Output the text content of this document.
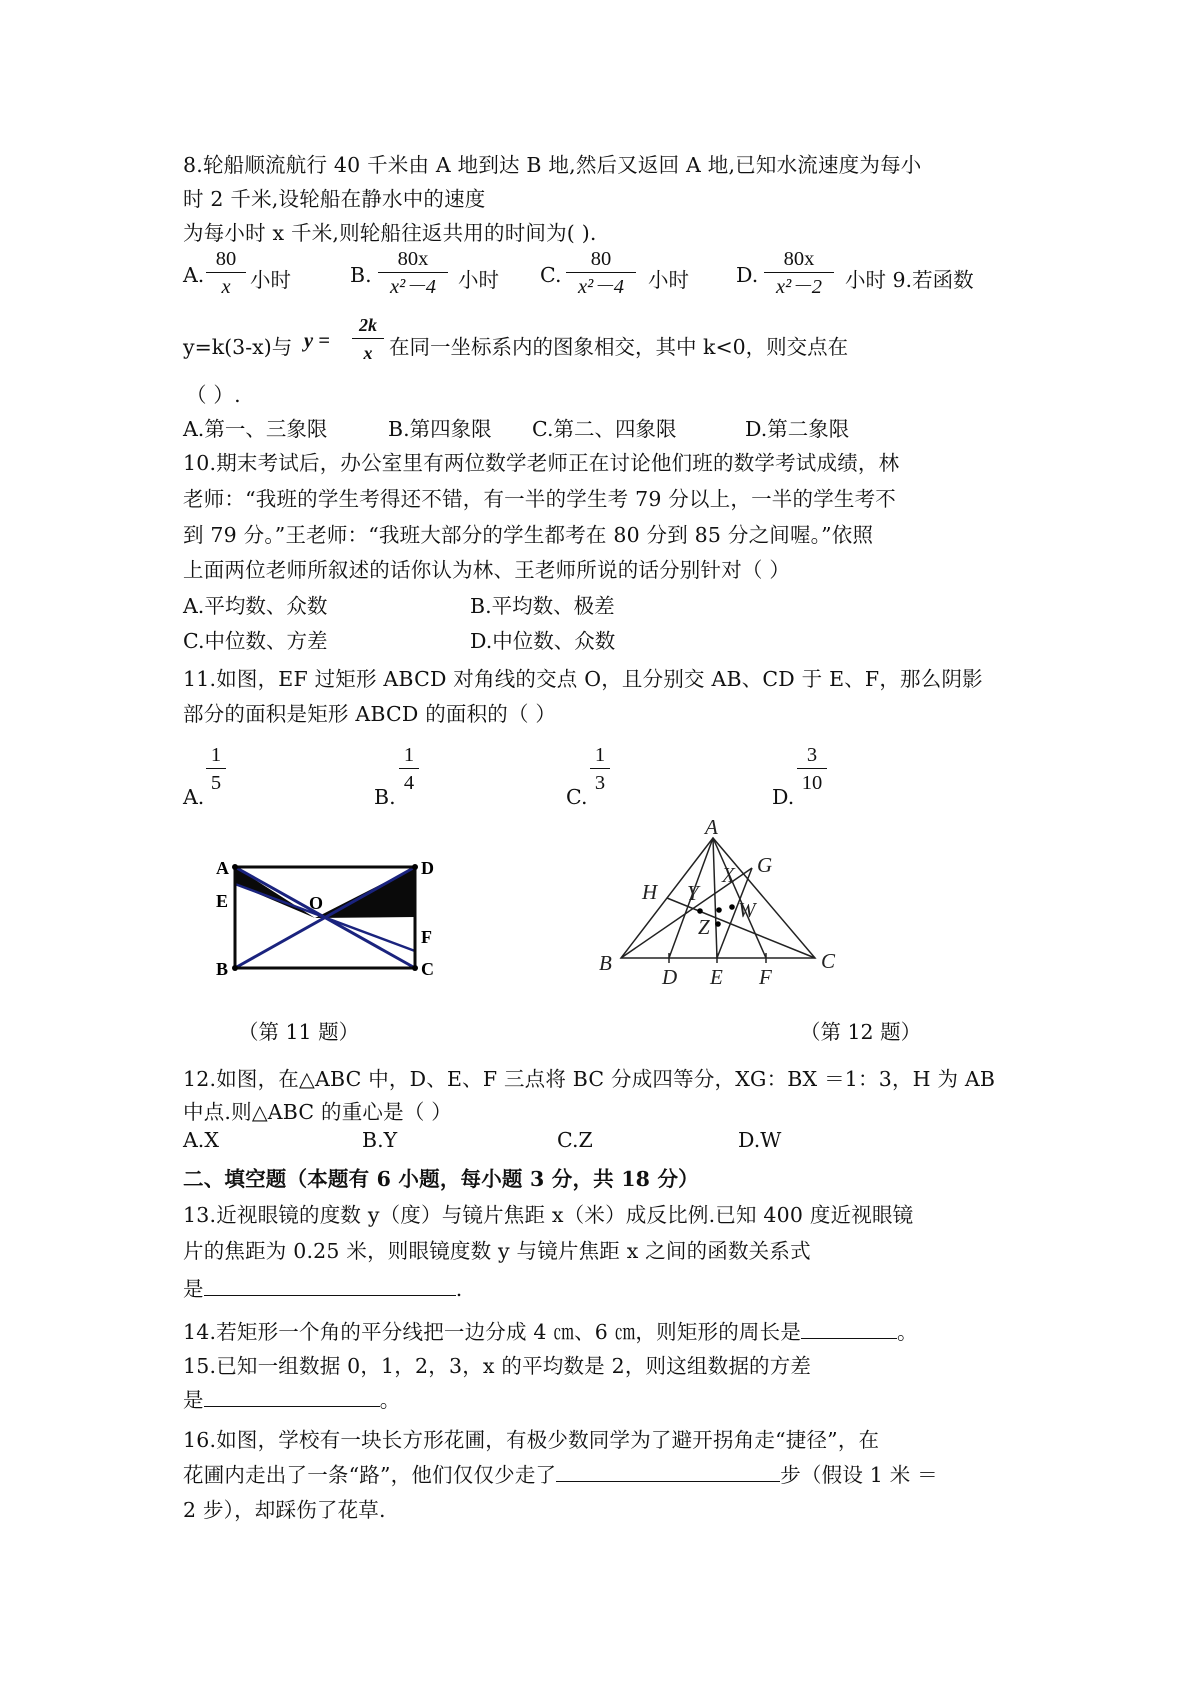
8.轮船顺流航行 40 千米由 A 地到达 B 地,然后又返回 A 地,已知水流速度为每小
时 2 千米,设轮船在静水中的速度
为每小时 x 千米,则轮船往返共用的时间为( ).
A. $\frac{80}{x}$ 小时	B. $\frac{80x}{\text{x²－4}}$ 小时 C. $\frac{80}{\text{x²－4}}$ 小时 D. $\frac{80x}{\text{x²－2}}$ 小时 9.若函数
y=k(3-x)与 $y = \frac{2k}{x}$ 在同一坐标系内的图象相交，其中 k<0，则交点在
（ ）.
A.第一、三象限	B.第四象限 C.第二、四象限	D.第二象限
10.期末考试后，办公室里有两位数学老师正在讨论他们班的数学考试成绩，林
老师：“我班的学生考得还不错，有一半的学生考 79 分以上，一半的学生考不
到 79 分。”王老师：“我班大部分的学生都考在 80 分到 85 分之间喔。”依照
上面两位老师所叙述的话你认为林、王老师所说的话分别针对（ ）
A.平均数、众数	B.平均数、极差
C.中位数、方差	D.中位数、众数
11.如图，EF 过矩形 ABCD 对角线的交点 O，且分别交 AB、CD 于 E、F，那么阴影
部分的面积是矩形 ABCD 的面积的（ ）
A. $\frac{1}{5}$	B. $\frac{1}{4}$	C. $\frac{1}{3}$	D. $\frac{3}{10}$
A	D
E	O
F
B	C
（第 11 题）
A
G
H Y
X
Z
W
B
D E F
C
（第 12 题）
12.如图，在△ABC 中，D、E、F 三点将 BC 分成四等分，XG：BX ＝1：3，H 为 AB
中点.则△ABC 的重心是（ ）
A.X	B.Y	C.Z	D.W
二、填空题（本题有 6 小题，每小题 3 分，共 18 分）
13.近视眼镜的度数 y（度）与镜片焦距 x（米）成反比例.已知 400 度近视眼镜
片的焦距为 0.25 米，则眼镜度数 y 与镜片焦距 x 之间的函数关系式
是	.
14.若矩形一个角的平分线把一边分成 4 ㎝、6 ㎝，则矩形的周长是	。
15.已知一组数据 0，1，2，3，x 的平均数是 2，则这组数据的方差
是	。
16.如图，学校有一块长方形花圃，有极少数同学为了避开拐角走“捷径”，在
花圃内走出了一条“路”，他们仅仅少走了	步（假设 1 米 ＝
2 步），却踩伤了花草.
